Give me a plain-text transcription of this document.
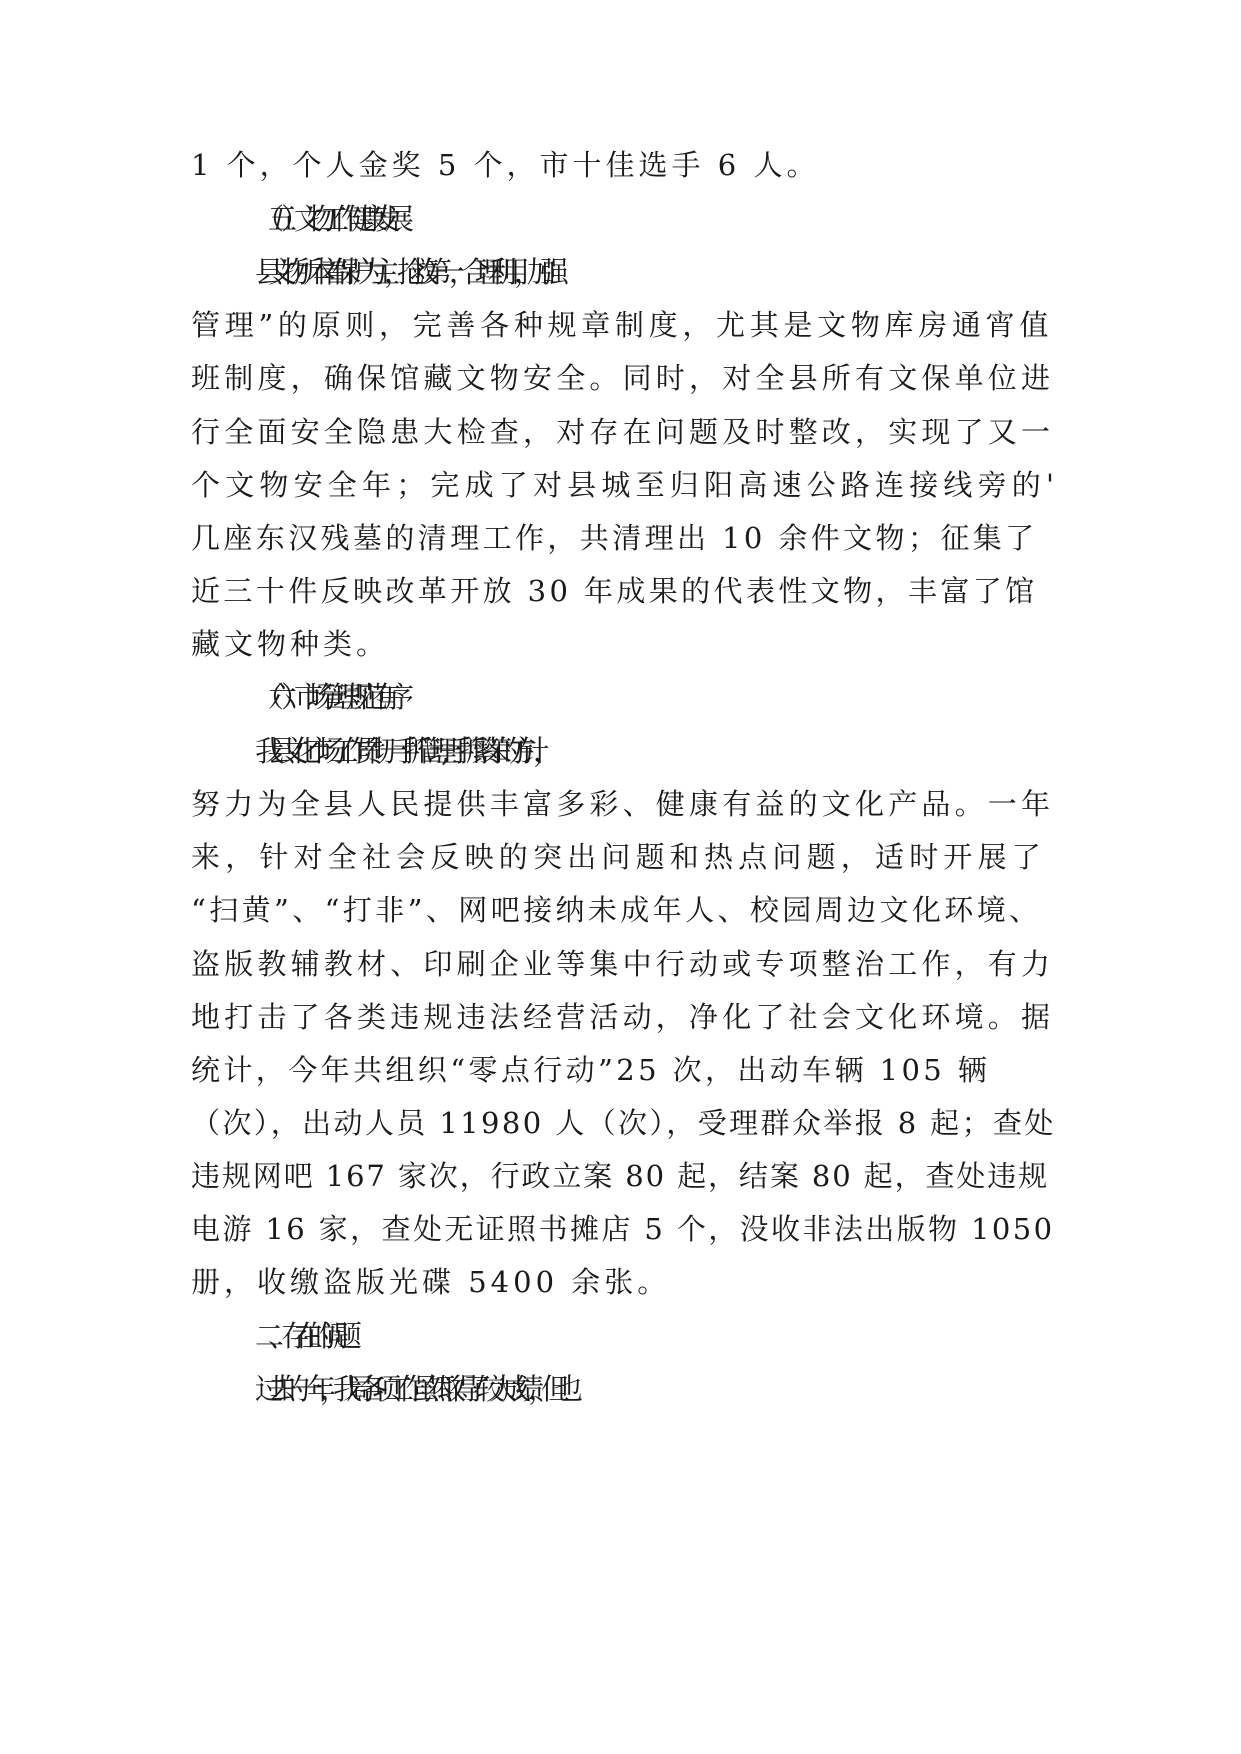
1 个，个人金奖 5 个，市十佳选手 6 人。
（五）文物工作健康发展
县文物所本着“保护为主，抢救第一，合理利用，加强
管理”的原则，完善各种规章制度，尤其是文物库房通宵值
班制度，确保馆藏文物安全。同时，对全县所有文保单位进
行全面安全隐患大检查，对存在问题及时整改，实现了又一
个文物安全年；完成了对县城至归阳高速公路连接线旁的'
几座东汉残墓的清理工作，共清理出 10 余件文物；征集了
近三十件反映改革开放 30 年成果的代表性文物，丰富了馆
藏文物种类。
（六）市场管理规范有序
我县文化市场工作贯彻一手抓管理,一手抓繁荣的方针，
努力为全县人民提供丰富多彩、健康有益的文化产品。一年
来，针对全社会反映的突出问题和热点问题，适时开展了
“扫黄”、“打非”、网吧接纳未成年人、校园周边文化环境、
盗版教辅教材、印刷企业等集中行动或专项整治工作，有力
地打击了各类违规违法经营活动，净化了社会文化环境。据
统计，今年共组织“零点行动”25 次，出动车辆 105 辆
（次），出动人员 11980 人（次），受理群众举报 8 起；查处
违规网吧 167 家次，行政立案 80 起，结案 80 起，查处违规
电游 16 家，查处无证照书摊店 5 个，没收非法出版物 1050
册，收缴盗版光碟 5400 余张。
二、存在的问题
过去的一年，我局各项工作虽然取得了较大成绩，但也
